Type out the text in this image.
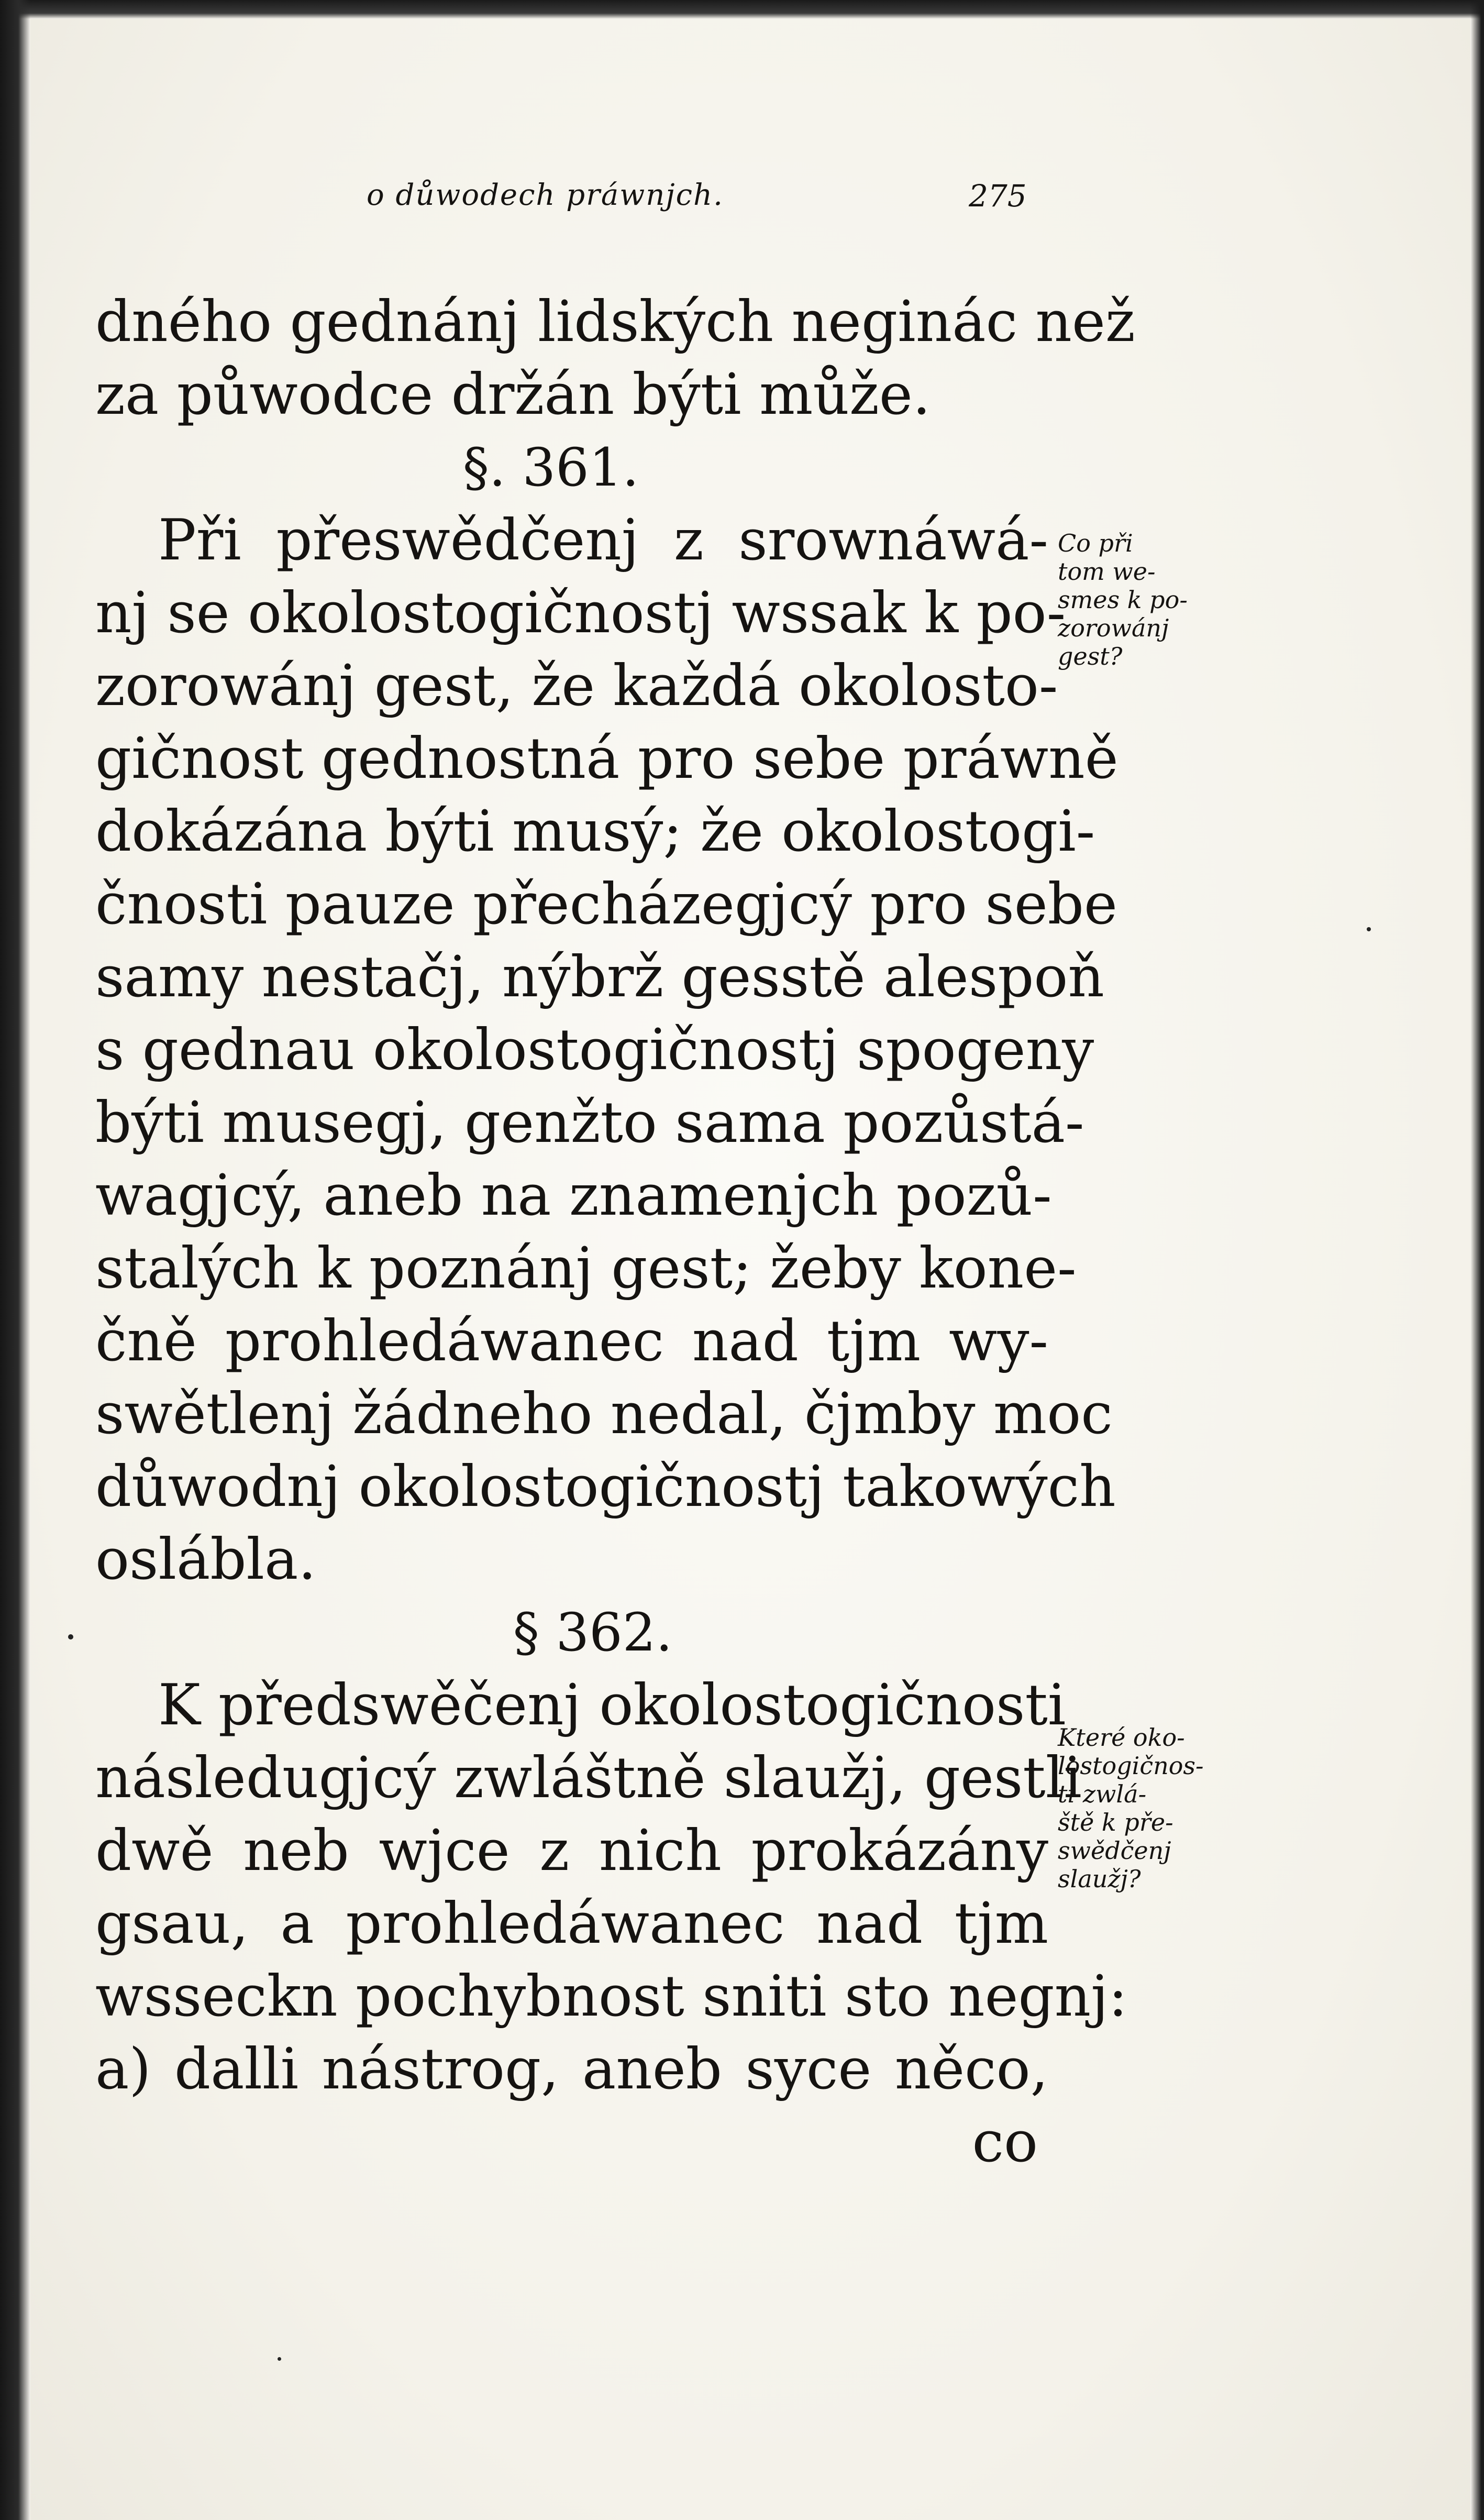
o důwodech práwnjch.	275
dného gednánj lidských neginác než
za půwodce držán býti může.
§. 361.
Při přeswědčenj z srownáwá-
nj se okolostogičnostj wssak k po-
zorowánj gest, že každá okolosto-
gičnost gednostná pro sebe práwně
dokázána býti musý; že okolostogi-
čnosti pauze přecházegjcý pro sebe
samy nestačj, nýbrž gesstě alespoň
s gednau okolostogičnostj spogeny
býti musegj, genžto sama pozůstá-
wagjcý, aneb na znamenjch pozů-
stalých k poznánj gest; žeby kone-
čně prohledáwanec nad tjm wy-
swětlenj žádneho nedal, čjmby moc
důwodnj okolostogičnostj takowých
oslábla.
§ 362.
K předswěčenj okolostogičnosti
následugjcý zwláštně slaužj, gestli
dwě neb wjce z nich prokázány
gsau, a prohledáwanec nad tjm
wsseckn pochybnost sniti sto negnj:
a) dalli nástrog, aneb syce něco,
co
Co při
tom we-
smes k po-
zorowánj
gest?
Které oko-
lostogičnos-
ti zwlá-
ště k pře-
swědčenj
slaužj?
